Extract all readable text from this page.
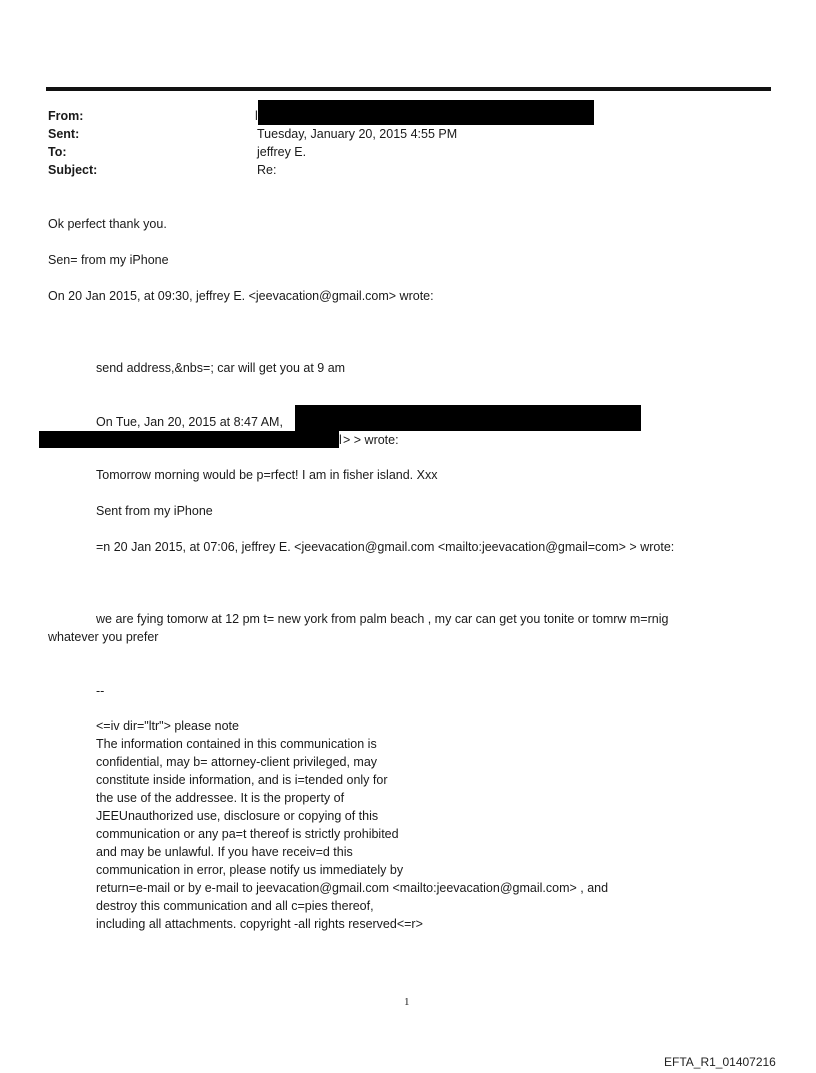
From:	l
Sent:	Tuesday, January 20, 2015 4:55 PM
To:	jeffrey E.
Subject:	Re:
Ok perfect thank you.
Sen= from my iPhone
On 20 Jan 2015, at 09:30, jeffrey E. <jeevacation@gmail.com> wrote:
send address,&nbs=; car will get you at 9 am
On Tue, Jan 20, 2015 at 8:47 AM,
l > > wrote:
Tomorrow morning would be p=rfect! I am in fisher island. Xxx
Sent from my iPhone
=n 20 Jan 2015, at 07:06, jeffrey E. <jeevacation@gmail.com <mailto:jeevacation@gmail=com> > wrote:
we are fying tomorw at 12 pm t= new york from palm beach , my car can get you tonite or tomrw m=rnig
whatever you prefer
--
<=iv dir="ltr"> please note
The information contained in this communication is
confidential, may b= attorney-client privileged, may
constitute inside information, and is i=tended only for
the use of the addressee. It is the property of
JEEUnauthorized use, disclosure or copying of this
communication or any pa=t thereof is strictly prohibited
and may be unlawful. If you have receiv=d this
communication in error, please notify us immediately by
return=e-mail or by e-mail to jeevacation@gmail.com <mailto:jeevacation@gmail.com> , and
destroy this communication and all c=pies thereof,
including all attachments. copyright -all rights reserved<=r>
1
EFTA_R1_01407216
